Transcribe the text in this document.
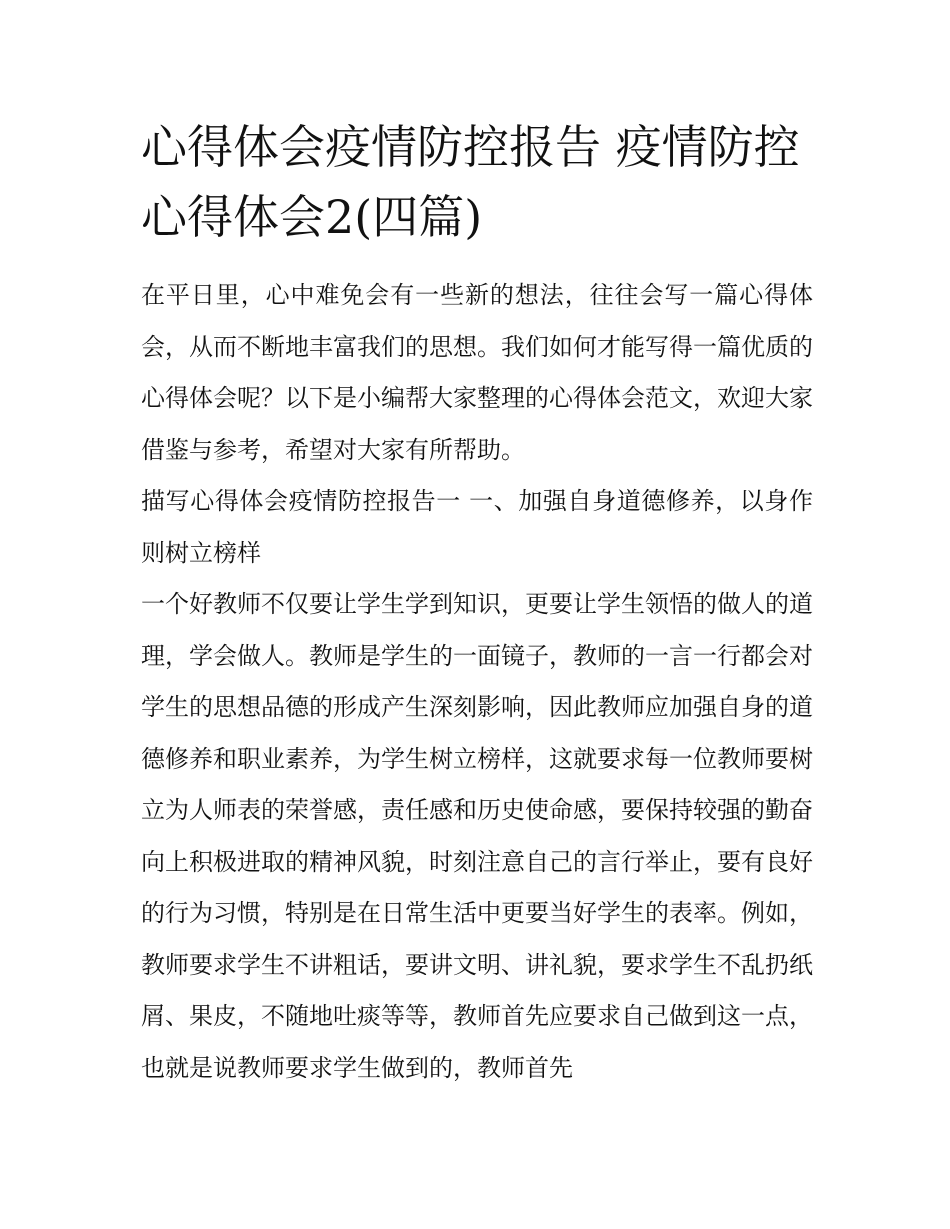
心得体会疫情防控报告 疫情防控心得体会2(四篇)

在平日里，心中难免会有一些新的想法，往往会写一篇心得体会，从而不断地丰富我们的思想。我们如何才能写得一篇优质的心得体会呢？以下是小编帮大家整理的心得体会范文，欢迎大家借鉴与参考，希望对大家有所帮助。

描写心得体会疫情防控报告一 一、加强自身道德修养，以身作则树立榜样

一个好教师不仅要让学生学到知识，更要让学生领悟的做人的道理，学会做人。教师是学生的一面镜子，教师的一言一行都会对学生的思想品德的形成产生深刻影响，因此教师应加强自身的道德修养和职业素养，为学生树立榜样，这就要求每一位教师要树立为人师表的荣誉感，责任感和历史使命感，要保持较强的勤奋向上积极进取的精神风貌，时刻注意自己的言行举止，要有良好的行为习惯，特别是在日常生活中更要当好学生的表率。例如，教师要求学生不讲粗话，要讲文明、讲礼貌，要求学生不乱扔纸屑、果皮，不随地吐痰等等，教师首先应要求自己做到这一点，也就是说教师要求学生做到的，教师首先
